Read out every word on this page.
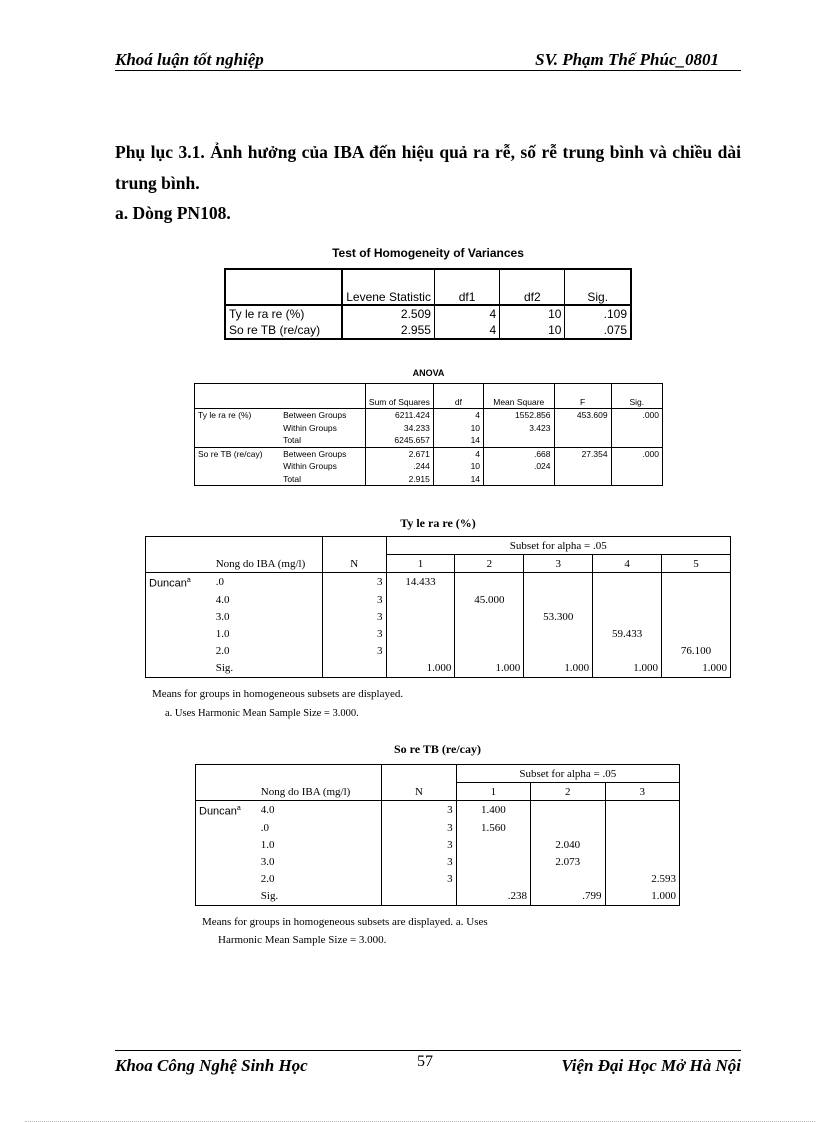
Khoá luận tốt nghiệp	SV. Phạm Thế Phúc_0801
Phụ lục 3.1. Ảnh hưởng của IBA đến hiệu quả ra rễ, số rễ trung bình và chiều dài trung bình.
a. Dòng PN108.
Test of Homogeneity of Variances
	Levene Statistic	df1	df2	Sig.
Ty le ra re (%)	2.509	4	10	.109
So re TB (re/cay)	2.955	4	10	.075
ANOVA
		Sum of Squares	df	Mean Square	F	Sig.
Ty le ra re (%)	Between Groups	6211.424	4	1552.856	453.609	.000
	Within Groups	34.233	10	3.423		
	Total	6245.657	14			
So re TB (re/cay)	Between Groups	2.671	4	.668	27.354	.000
	Within Groups	.244	10	.024		
	Total	2.915	14			
Ty le ra re (%)
	Nong do IBA (mg/l)	N	Subset for alpha = .05				
			1	2	3	4	5
Duncan$^a$	.0	3	14.433				
	4.0	3		45.000			
	3.0	3			53.300		
	1.0	3				59.433	
	2.0	3					76.100
	Sig.		1.000	1.000	1.000	1.000	1.000
Means for groups in homogeneous subsets are displayed.
a. Uses Harmonic Mean Sample Size = 3.000.
So re TB (re/cay)
	Nong do IBA (mg/l)	N	Subset for alpha = .05		
			1	2	3
Duncan$^a$	4.0	3	1.400		
	.0	3	1.560		
	1.0	3		2.040	
	3.0	3		2.073	
	2.0	3			2.593
	Sig.		.238	.799	1.000
Means for groups in homogeneous subsets are displayed. a. Uses
Harmonic Mean Sample Size = 3.000.
Khoa Công Nghệ Sinh Học	57	Viện Đại Học Mở Hà Nội
